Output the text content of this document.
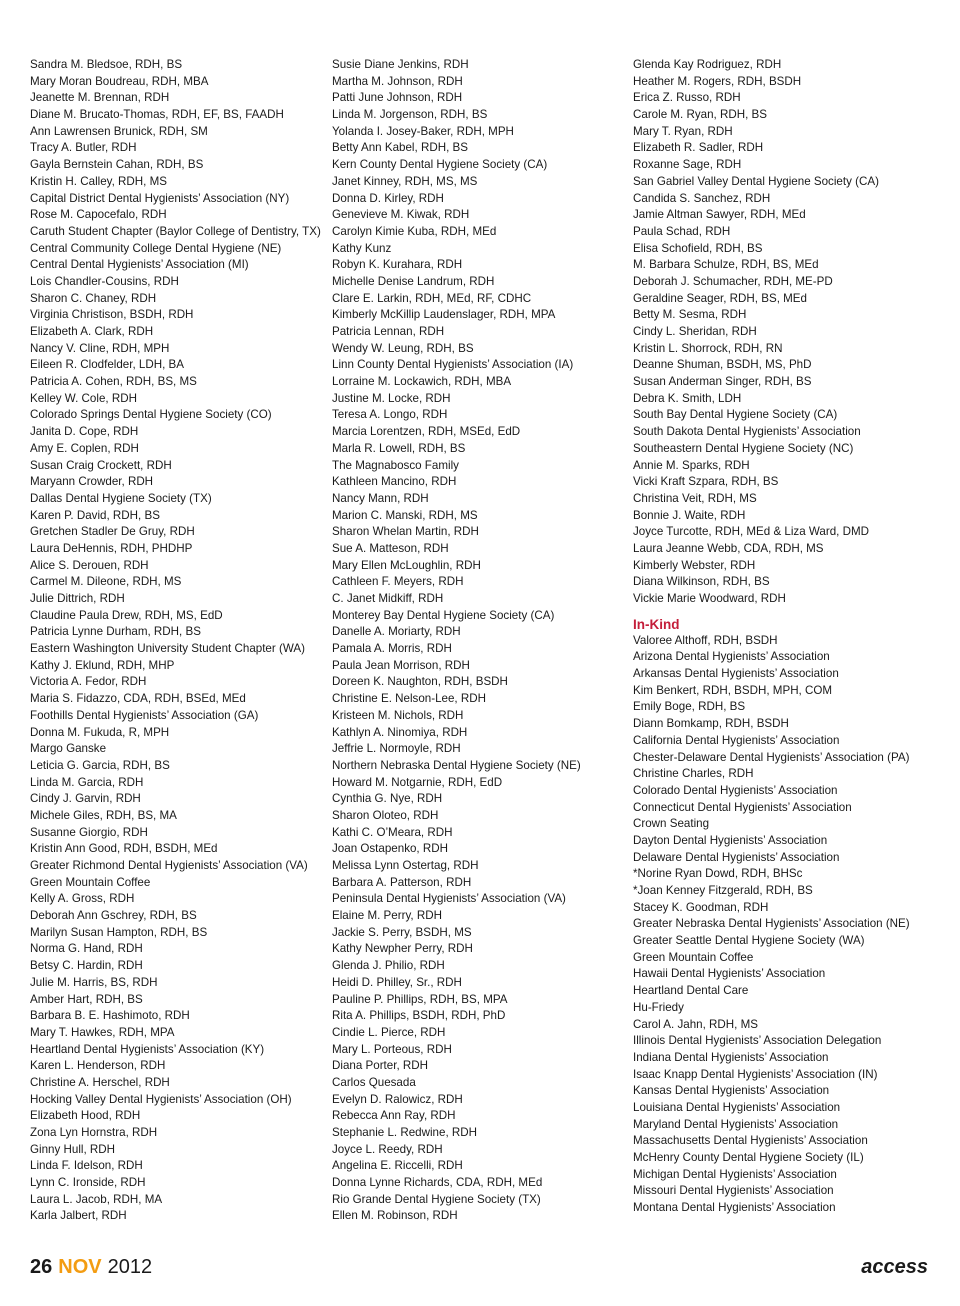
Sandra M. Bledsoe, RDH, BS
Mary Moran Boudreau, RDH, MBA
Jeanette M. Brennan, RDH
Diane M. Brucato-Thomas, RDH, EF, BS, FAADH
Ann Lawrensen Brunick, RDH, SM
Tracy A. Butler, RDH
Gayla Bernstein Cahan, RDH, BS
Kristin H. Calley, RDH, MS
Capital District Dental Hygienists’ Association (NY)
Rose M. Capocefalo, RDH
Caruth Student Chapter (Baylor College of Dentistry, TX)
Central Community College Dental Hygiene (NE)
Central Dental Hygienists’ Association (MI)
Lois Chandler-Cousins, RDH
Sharon C. Chaney, RDH
Virginia Christison, BSDH, RDH
Elizabeth A. Clark, RDH
Nancy V. Cline, RDH, MPH
Eileen R. Clodfelder, LDH, BA
Patricia A. Cohen, RDH, BS, MS
Kelley W. Cole, RDH
Colorado Springs Dental Hygiene Society (CO)
Janita D. Cope, RDH
Amy E. Coplen, RDH
Susan Craig Crockett, RDH
Maryann Crowder, RDH
Dallas Dental Hygiene Society (TX)
Karen P. David, RDH, BS
Gretchen Stadler De Gruy, RDH
Laura DeHennis, RDH, PHDHP
Alice S. Derouen, RDH
Carmel M. Dileone, RDH, MS
Julie Dittrich, RDH
Claudine Paula Drew, RDH, MS, EdD
Patricia Lynne Durham, RDH, BS
Eastern Washington University Student Chapter (WA)
Kathy J. Eklund, RDH, MHP
Victoria A. Fedor, RDH
Maria S. Fidazzo, CDA, RDH, BSEd, MEd
Foothills Dental Hygienists’ Association (GA)
Donna M. Fukuda, R, MPH
Margo Ganske
Leticia G. Garcia, RDH, BS
Linda M. Garcia, RDH
Cindy J. Garvin, RDH
Michele Giles, RDH, BS, MA
Susanne Giorgio, RDH
Kristin Ann Good, RDH, BSDH, MEd
Greater Richmond Dental Hygienists’ Association (VA)
Green Mountain Coffee
Kelly A. Gross, RDH
Deborah Ann Gschrey, RDH, BS
Marilyn Susan Hampton, RDH, BS
Norma G. Hand, RDH
Betsy C. Hardin, RDH
Julie M. Harris, BS, RDH
Amber Hart, RDH, BS
Barbara B. E. Hashimoto, RDH
Mary T. Hawkes, RDH, MPA
Heartland Dental Hygienists’ Association (KY)
Karen L. Henderson, RDH
Christine A. Herschel, RDH
Hocking Valley Dental Hygienists’ Association (OH)
Elizabeth Hood, RDH
Zona Lyn Hornstra, RDH
Ginny Hull, RDH
Linda F. Idelson, RDH
Lynn C. Ironside, RDH
Laura L. Jacob, RDH, MA
Karla Jalbert, RDH
Susie Diane Jenkins, RDH
Martha M. Johnson, RDH
Patti June Johnson, RDH
Linda M. Jorgenson, RDH, BS
Yolanda I. Josey-Baker, RDH, MPH
Betty Ann Kabel, RDH, BS
Kern County Dental Hygiene Society (CA)
Janet Kinney, RDH, MS, MS
Donna D. Kirley, RDH
Genevieve M. Kiwak, RDH
Carolyn Kimie Kuba, RDH, MEd
Kathy Kunz
Robyn K. Kurahara, RDH
Michelle Denise Landrum, RDH
Clare E. Larkin, RDH, MEd, RF, CDHC
Kimberly McKillip Laudenslager, RDH, MPA
Patricia Lennan, RDH
Wendy W. Leung, RDH, BS
Linn County Dental Hygienists’ Association (IA)
Lorraine M. Lockawich, RDH, MBA
Justine M. Locke, RDH
Teresa A. Longo, RDH
Marcia Lorentzen, RDH, MSEd, EdD
Marla R. Lowell, RDH, BS
The Magnabosco Family
Kathleen Mancino, RDH
Nancy Mann, RDH
Marion C. Manski, RDH, MS
Sharon Whelan Martin, RDH
Sue A. Matteson, RDH
Mary Ellen McLoughlin, RDH
Cathleen F. Meyers, RDH
C. Janet Midkiff, RDH
Monterey Bay Dental Hygiene Society (CA)
Danelle A. Moriarty, RDH
Pamala A. Morris, RDH
Paula Jean Morrison, RDH
Doreen K. Naughton, RDH, BSDH
Christine E. Nelson-Lee, RDH
Kristeen M. Nichols, RDH
Kathlyn A. Ninomiya, RDH
Jeffrie L. Normoyle, RDH
Northern Nebraska Dental Hygiene Society (NE)
Howard M. Notgarnie, RDH, EdD
Cynthia G. Nye, RDH
Sharon Oloteo, RDH
Kathi C. O’Meara, RDH
Joan Ostapenko, RDH
Melissa Lynn Ostertag, RDH
Barbara A. Patterson, RDH
Peninsula Dental Hygienists’ Association (VA)
Elaine M. Perry, RDH
Jackie S. Perry, BSDH, MS
Kathy Newpher Perry, RDH
Glenda J. Philio, RDH
Heidi D. Philley, Sr., RDH
Pauline P. Phillips, RDH, BS, MPA
Rita A. Phillips, BSDH, RDH, PhD
Cindie L. Pierce, RDH
Mary L. Porteous, RDH
Diana Porter, RDH
Carlos Quesada
Evelyn D. Ralowicz, RDH
Rebecca Ann Ray, RDH
Stephanie L. Redwine, RDH
Joyce L. Reedy, RDH
Angelina E. Riccelli, RDH
Donna Lynne Richards, CDA, RDH, MEd
Rio Grande Dental Hygiene Society (TX)
Ellen M. Robinson, RDH
Glenda Kay Rodriguez, RDH
Heather M. Rogers, RDH, BSDH
Erica Z. Russo, RDH
Carole M. Ryan, RDH, BS
Mary T. Ryan, RDH
Elizabeth R. Sadler, RDH
Roxanne Sage, RDH
San Gabriel Valley Dental Hygiene Society (CA)
Candida S. Sanchez, RDH
Jamie Altman Sawyer, RDH, MEd
Paula Schad, RDH
Elisa Schofield, RDH, BS
M. Barbara Schulze, RDH, BS, MEd
Deborah J. Schumacher, RDH, ME-PD
Geraldine Seager, RDH, BS, MEd
Betty M. Sesma, RDH
Cindy L. Sheridan, RDH
Kristin L. Shorrock, RDH, RN
Deanne Shuman, BSDH, MS, PhD
Susan Anderman Singer, RDH, BS
Debra K. Smith, LDH
South Bay Dental Hygiene Society (CA)
South Dakota Dental Hygienists’ Association
Southeastern Dental Hygiene Society (NC)
Annie M. Sparks, RDH
Vicki Kraft Szpara, RDH, BS
Christina Veit, RDH, MS
Bonnie J. Waite, RDH
Joyce Turcotte, RDH, MEd & Liza Ward, DMD
Laura Jeanne Webb, CDA, RDH, MS
Kimberly Webster, RDH
Diana Wilkinson, RDH, BS
Vickie Marie Woodward, RDH
In-Kind
Valoree Althoff, RDH, BSDH
Arizona Dental Hygienists’ Association
Arkansas Dental Hygienists’ Association
Kim Benkert, RDH, BSDH, MPH, COM
Emily Boge, RDH, BS
Diann Bomkamp, RDH, BSDH
California Dental Hygienists’ Association
Chester-Delaware Dental Hygienists’ Association (PA)
Christine Charles, RDH
Colorado Dental Hygienists’ Association
Connecticut Dental Hygienists’ Association
Crown Seating
Dayton Dental Hygienists’ Association
Delaware Dental Hygienists’ Association
*Norine Ryan Dowd, RDH, BHSc
*Joan Kenney Fitzgerald, RDH, BS
Stacey K. Goodman, RDH
Greater Nebraska Dental Hygienists’ Association (NE)
Greater Seattle Dental Hygiene Society (WA)
Green Mountain Coffee
Hawaii Dental Hygienists’ Association
Heartland Dental Care
Hu-Friedy
Carol A. Jahn, RDH, MS
Illinois Dental Hygienists’ Association Delegation
Indiana Dental Hygienists’ Association
Isaac Knapp Dental Hygienists’ Association (IN)
Kansas Dental Hygienists’ Association
Louisiana Dental Hygienists’ Association
Maryland Dental Hygienists’ Association
Massachusetts Dental Hygienists’ Association
McHenry County Dental Hygiene Society (IL)
Michigan Dental Hygienists’ Association
Missouri Dental Hygienists’ Association
Montana Dental Hygienists’ Association
26 NOV 2012	access
